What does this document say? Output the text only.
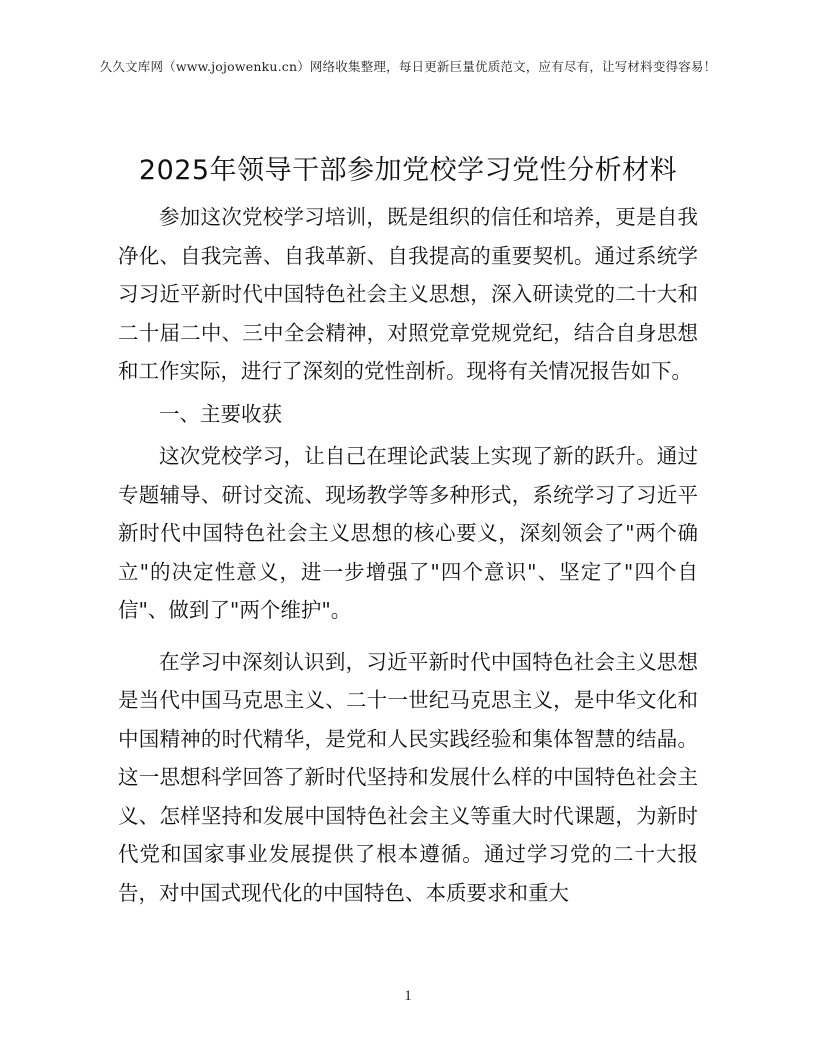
久久文库网（www.jojowenku.cn）网络收集整理，每日更新巨量优质范文，应有尽有，让写材料变得容易！
2025年领导干部参加党校学习党性分析材料

参加这次党校学习培训，既是组织的信任和培养，更是自我净化、自我完善、自我革新、自我提高的重要契机。通过系统学习习近平新时代中国特色社会主义思想，深入研读党的二十大和二十届二中、三中全会精神，对照党章党规党纪，结合自身思想和工作实际，进行了深刻的党性剖析。现将有关情况报告如下。

一、主要收获

这次党校学习，让自己在理论武装上实现了新的跃升。通过专题辅导、研讨交流、现场教学等多种形式，系统学习了习近平新时代中国特色社会主义思想的核心要义，深刻领会了"两个确立"的决定性意义，进一步增强了"四个意识"、坚定了"四个自信"、做到了"两个维护"。

在学习中深刻认识到，习近平新时代中国特色社会主义思想是当代中国马克思主义、二十一世纪马克思主义，是中华文化和中国精神的时代精华，是党和人民实践经验和集体智慧的结晶。这一思想科学回答了新时代坚持和发展什么样的中国特色社会主义、怎样坚持和发展中国特色社会主义等重大时代课题，为新时代党和国家事业发展提供了根本遵循。通过学习党的二十大报告，对中国式现代化的中国特色、本质要求和重大

1
